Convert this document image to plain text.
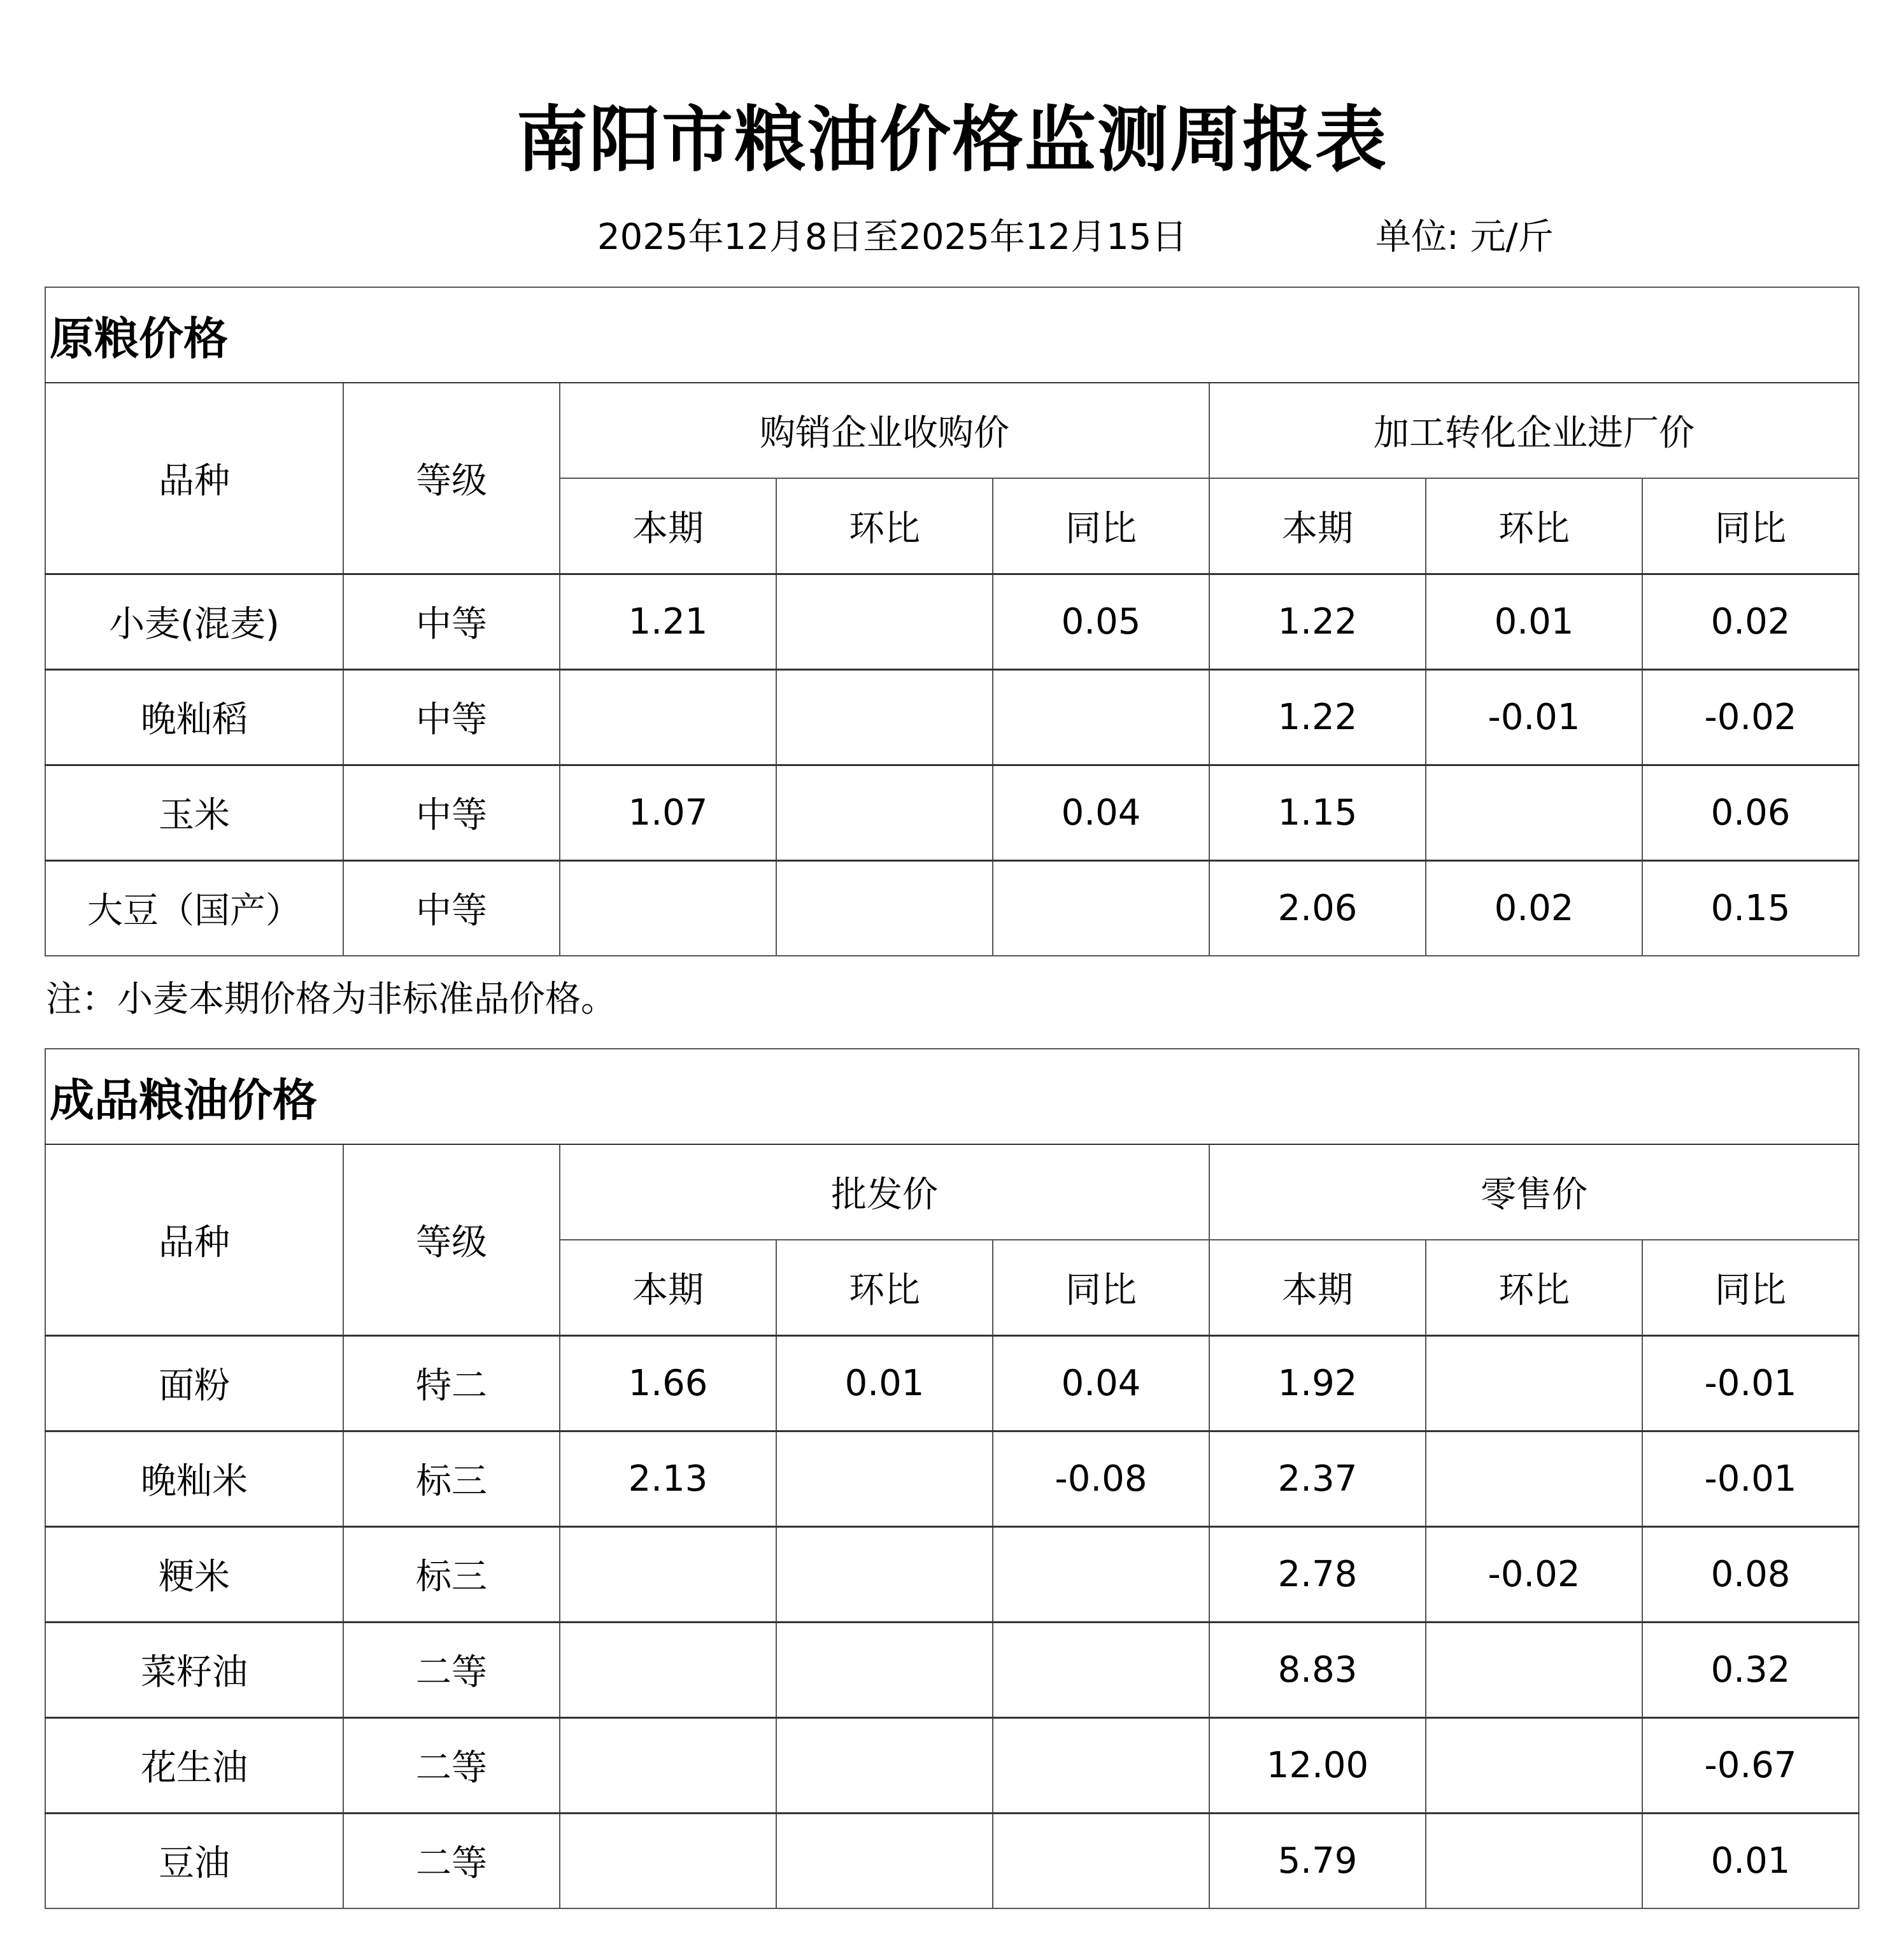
南阳市粮油价格监测周报表
2025年12月8日至2025年12月15日	单位: 元/斤
原粮价格							
品种	等级	购销企业收购价			加工转化企业进厂价		
		本期	环比	同比	本期	环比	同比
小麦(混麦)	中等	1.21		0.05	1.22	0.01	0.02
晚籼稻	中等				1.22	-0.01	-0.02
玉米	中等	1.07		0.04	1.15		0.06
大豆（国产）	中等				2.06	0.02	0.15
注：小麦本期价格为非标准品价格。
成品粮油价格							
品种	等级	批发价			零售价		
		本期	环比	同比	本期	环比	同比
面粉	特二	1.66	0.01	0.04	1.92		-0.01
晚籼米	标三	2.13		-0.08	2.37		-0.01
粳米	标三				2.78	-0.02	0.08
菜籽油	二等				8.83		0.32
花生油	二等				12.00		-0.67
豆油	二等				5.79		0.01
